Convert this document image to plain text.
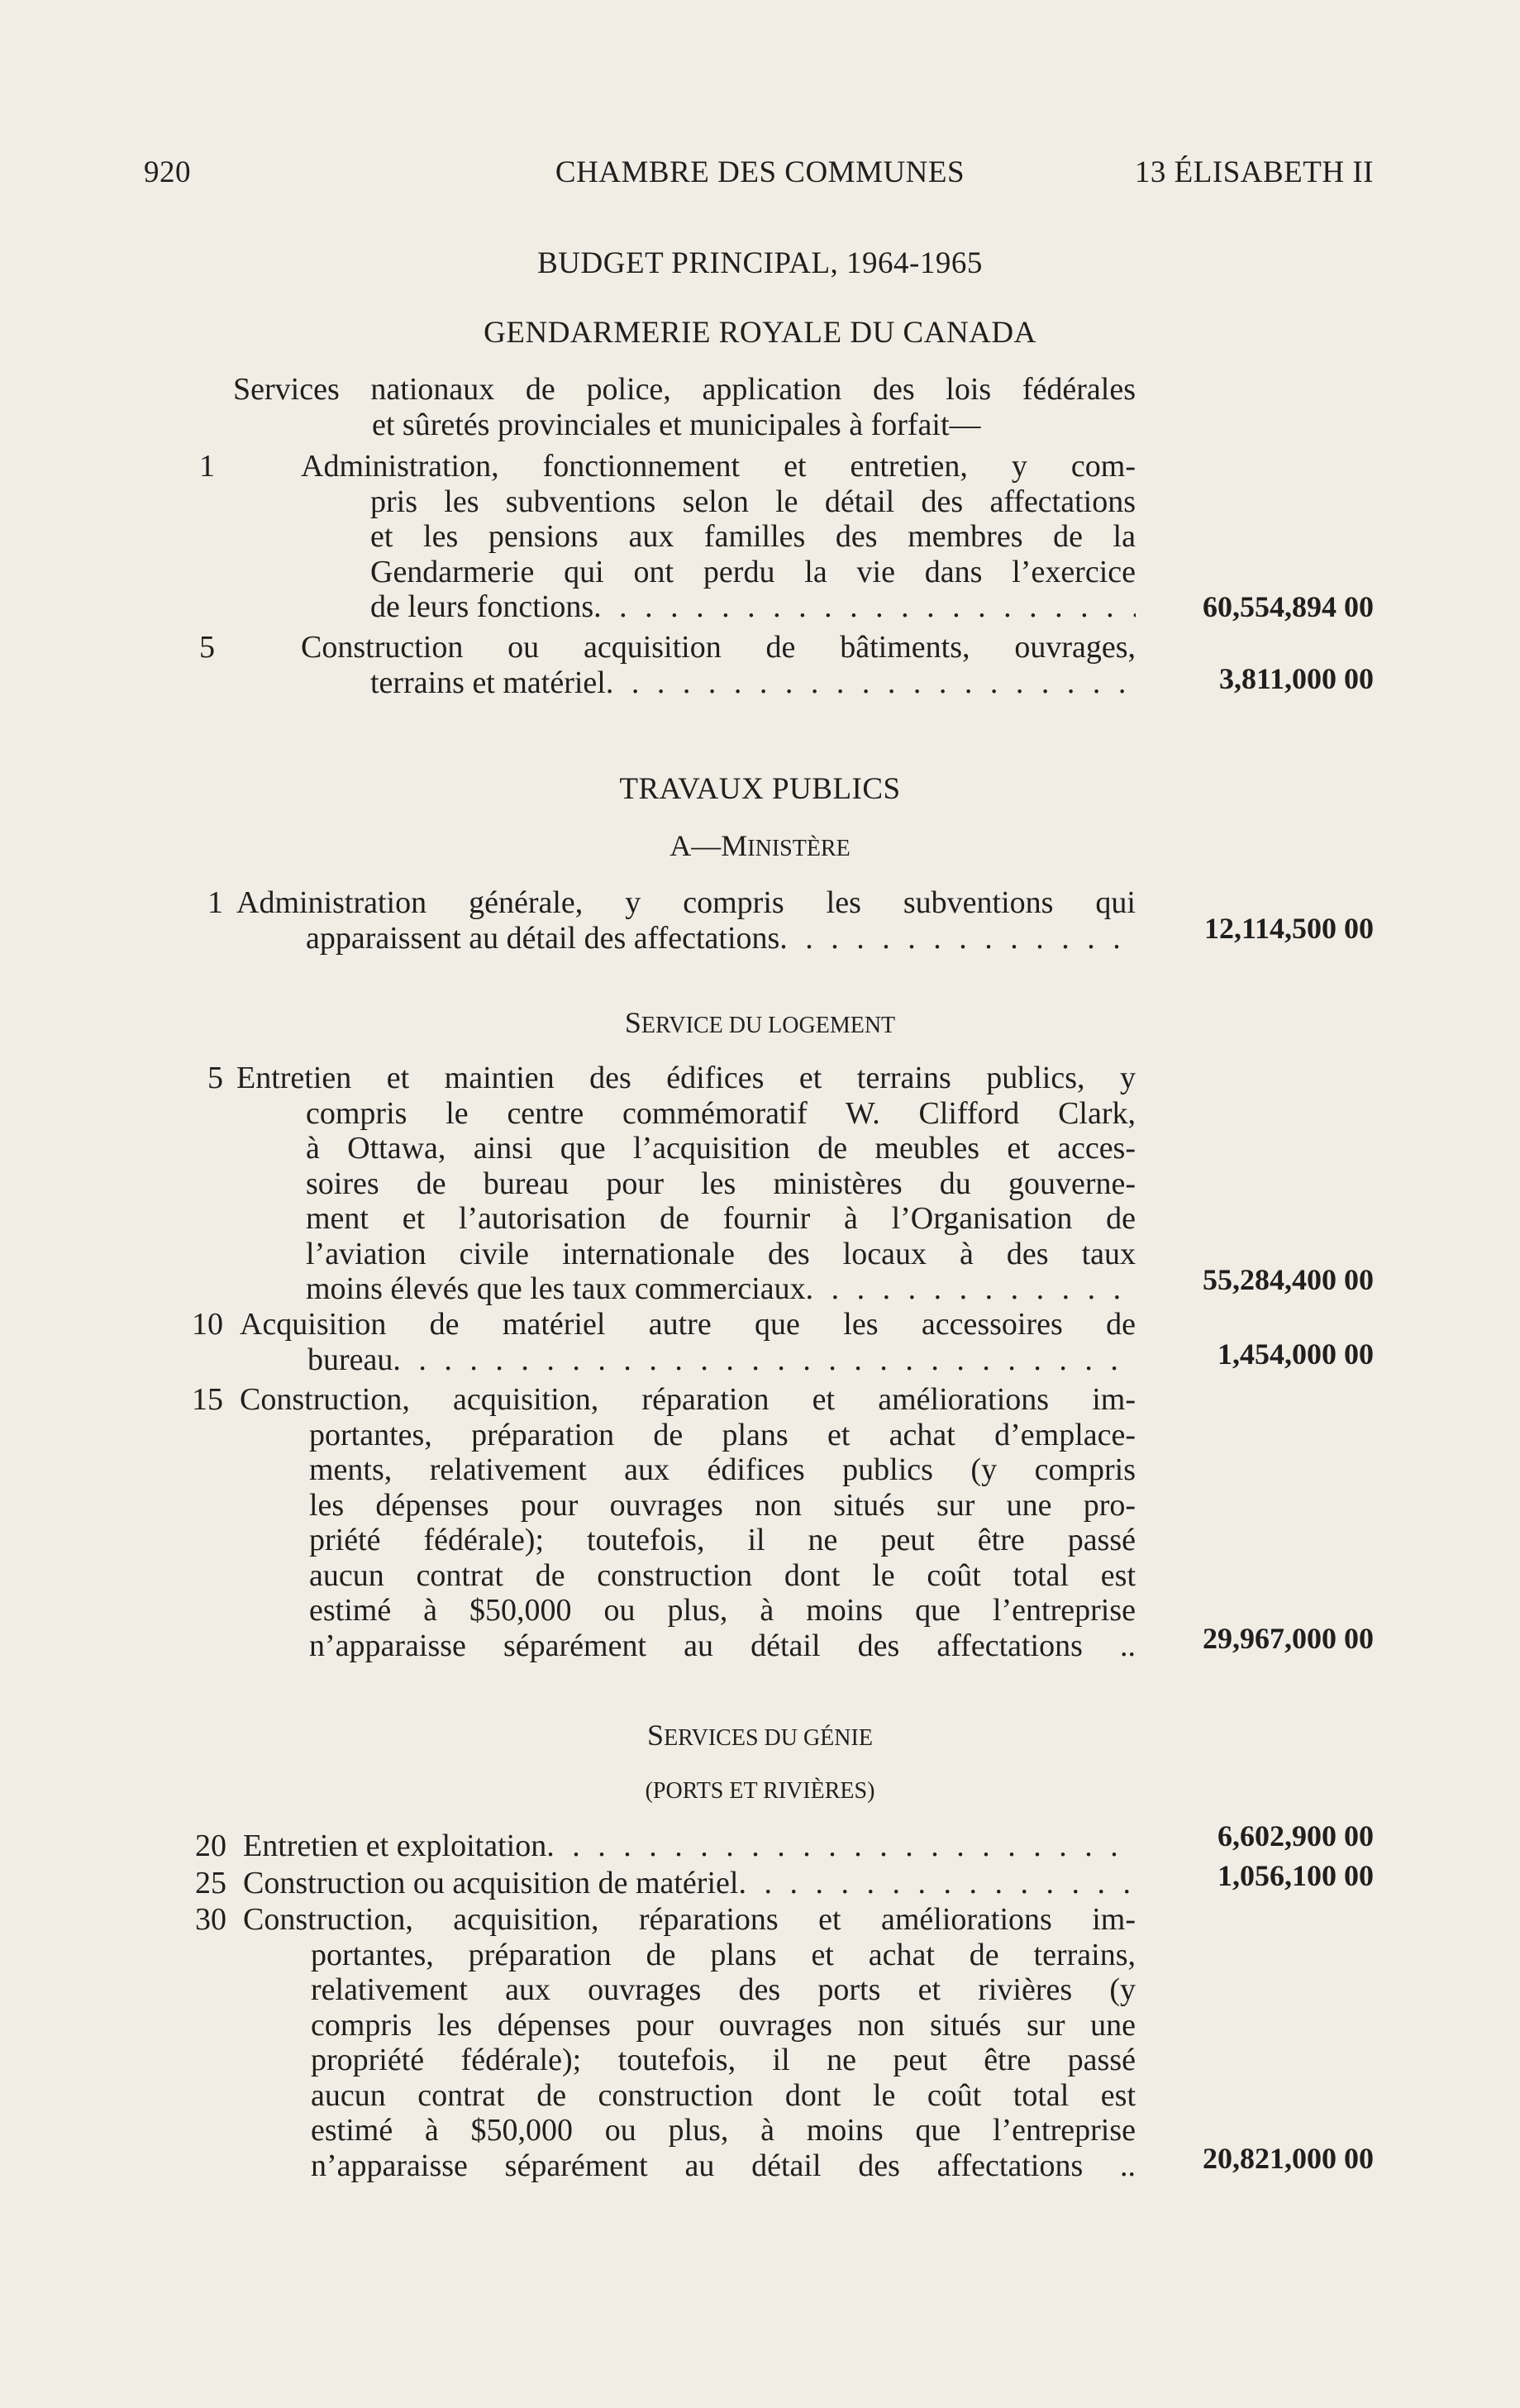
920	CHAMBRE DES COMMUNES	13 ÉLISABETH II
BUDGET PRINCIPAL, 1964-1965
GENDARMERIE ROYALE DU CANADA
Services nationaux de police, application des lois fédérales
et sûretés provinciales et municipales à forfait—
1	Administration, fonctionnement et entretien, y com-
pris les subventions selon le détail des affectations
et les pensions aux familles des membres de la
Gendarmerie qui ont perdu la vie dans l’exercice
de leurs fonctions . . .	60,554,894 00
5	Construction ou acquisition de bâtiments, ouvrages,
terrains et matériel . . .	3,811,000 00
TRAVAUX PUBLICS
A—MINISTÈRE
1 Administration générale, y compris les subventions qui
apparaissent au détail des affectations . . .	12,114,500 00
SERVICE DU LOGEMENT
5 Entretien et maintien des édifices et terrains publics, y
compris le centre commémoratif W. Clifford Clark,
à Ottawa, ainsi que l’acquisition de meubles et acces-
soires de bureau pour les ministères du gouverne-
ment et l’autorisation de fournir à l’Organisation de
l’aviation civile internationale des locaux à des taux
moins élevés que les taux commerciaux . . .	55,284,400 00
10 Acquisition de matériel autre que les accessoires de
bureau . . .	1,454,000 00
15 Construction, acquisition, réparation et améliorations im-
portantes, préparation de plans et achat d’emplace-
ments, relativement aux édifices publics (y compris
les dépenses pour ouvrages non situés sur une pro-
priété fédérale); toutefois, il ne peut être passé
aucun contrat de construction dont le coût total est
estimé à $50,000 ou plus, à moins que l’entreprise
n’apparaisse séparément au détail des affectations ..	29,967,000 00
SERVICES DU GÉNIE
(PORTS ET RIVIÈRES)
20 Entretien et exploitation . . .	6,602,900 00
25 Construction ou acquisition de matériel . . .	1,056,100 00
30 Construction, acquisition, réparations et améliorations im-
portantes, préparation de plans et achat de terrains,
relativement aux ouvrages des ports et rivières (y
compris les dépenses pour ouvrages non situés sur une
propriété fédérale); toutefois, il ne peut être passé
aucun contrat de construction dont le coût total est
estimé à $50,000 ou plus, à moins que l’entreprise
n’apparaisse séparément au détail des affectations ..	20,821,000 00
